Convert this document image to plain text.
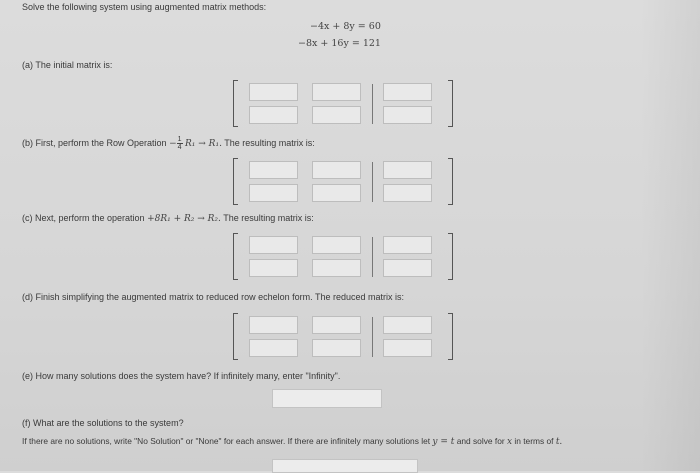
Solve the following system using augmented matrix methods:
−4x + 8y = 60
−8x + 16y = 121
(a) The initial matrix is:
(b) First, perform the Row Operation − $\frac{1}{4} R_1 \to R_1$. The resulting matrix is:
(c) Next, perform the operation +8R₁ + R₂ → R₂. The resulting matrix is:
(d) Finish simplifying the augmented matrix to reduced row echelon form. The reduced matrix is:
(e) How many solutions does the system have? If infinitely many, enter "Infinity".
(f) What are the solutions to the system?
If there are no solutions, write "No Solution" or "None" for each answer. If there are infinitely many solutions let y = t and solve for x in terms of t.
